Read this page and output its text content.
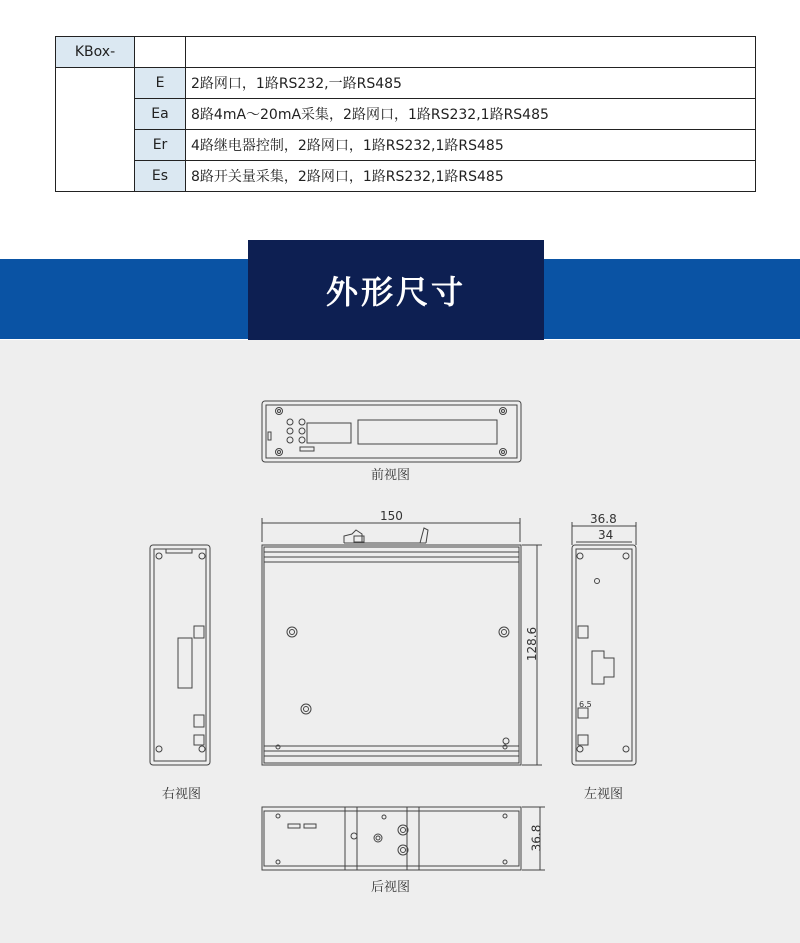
KBox-		
	E	2路网口，1路RS232,一路RS485
	Ea	8路4mA～20mA采集，2路网口，1路RS232,1路RS485
	Er	4路继电器控制，2路网口，1路RS232,1路RS485
	Es	8路开关量采集，2路网口，1路RS232,1路RS485
外形尺寸
前视图
右视图	左视图
后视图
150	36.8
34
6.5
128.6
36.8
